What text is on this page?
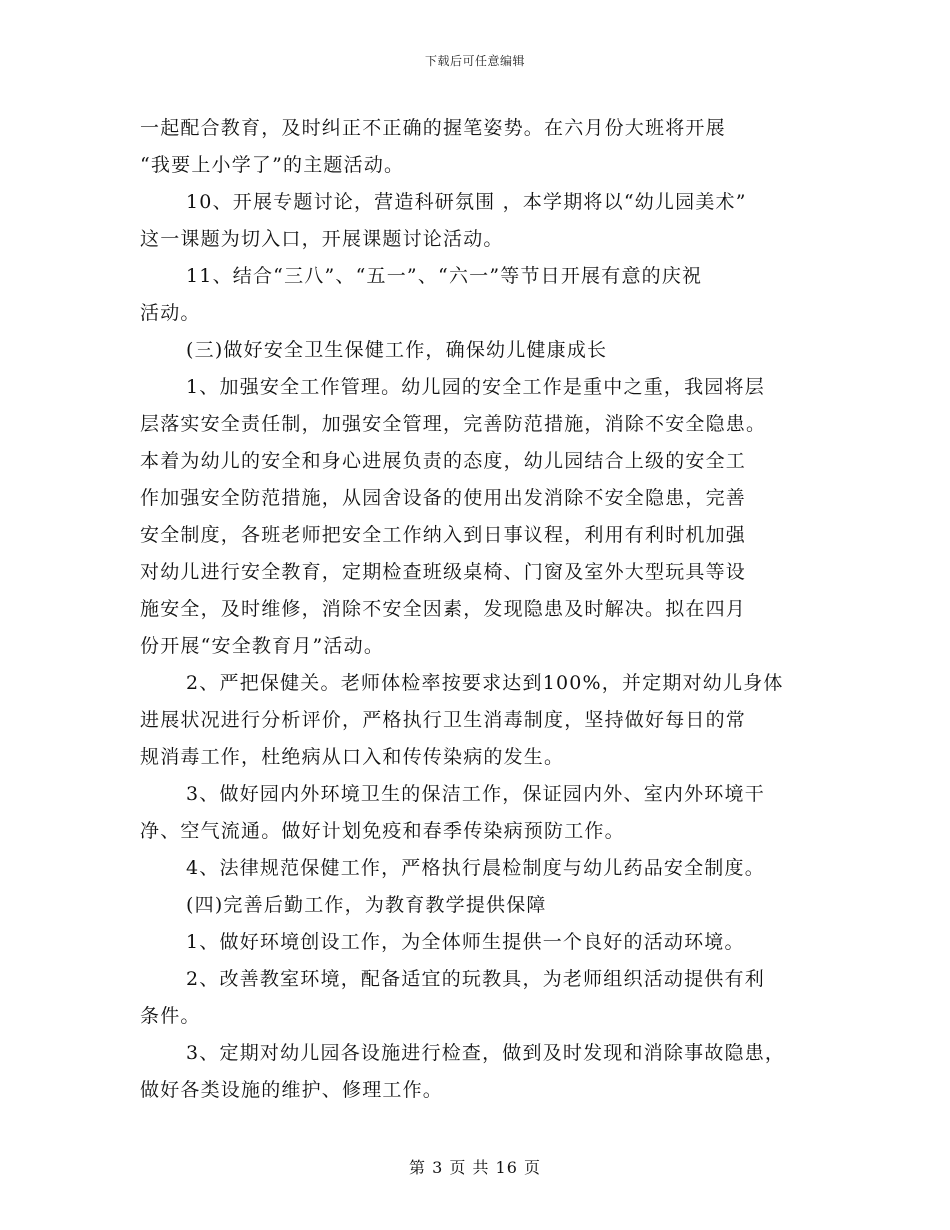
下载后可任意编辑
一起配合教育，及时纠正不正确的握笔姿势。在六月份大班将开展
“我要上小学了”的主题活动。
10、开展专题讨论，营造科研氛围 ，本学期将以“幼儿园美术”
这一课题为切入口，开展课题讨论活动。
11、结合“三八”、“五一”、“六一”等节日开展有意的庆祝
活动。
(三)做好安全卫生保健工作，确保幼儿健康成长
1、加强安全工作管理。幼儿园的安全工作是重中之重，我园将层
层落实安全责任制，加强安全管理，完善防范措施，消除不安全隐患。
本着为幼儿的安全和身心进展负责的态度，幼儿园结合上级的安全工
作加强安全防范措施，从园舍设备的使用出发消除不安全隐患，完善
安全制度，各班老师把安全工作纳入到日事议程，利用有利时机加强
对幼儿进行安全教育，定期检查班级桌椅、门窗及室外大型玩具等设
施安全，及时维修，消除不安全因素，发现隐患及时解决。拟在四月
份开展“安全教育月”活动。
2、严把保健关。老师体检率按要求达到100%，并定期对幼儿身体
进展状况进行分析评价，严格执行卫生消毒制度，坚持做好每日的常
规消毒工作，杜绝病从口入和传传染病的发生。
3、做好园内外环境卫生的保洁工作，保证园内外、室内外环境干
净、空气流通。做好计划免疫和春季传染病预防工作。
4、法律规范保健工作，严格执行晨检制度与幼儿药品安全制度。
(四)完善后勤工作，为教育教学提供保障
1、做好环境创设工作，为全体师生提供一个良好的活动环境。
2、改善教室环境，配备适宜的玩教具，为老师组织活动提供有利
条件。
3、定期对幼儿园各设施进行检查，做到及时发现和消除事故隐患，
做好各类设施的维护、修理工作。
第 3 页 共 16 页
